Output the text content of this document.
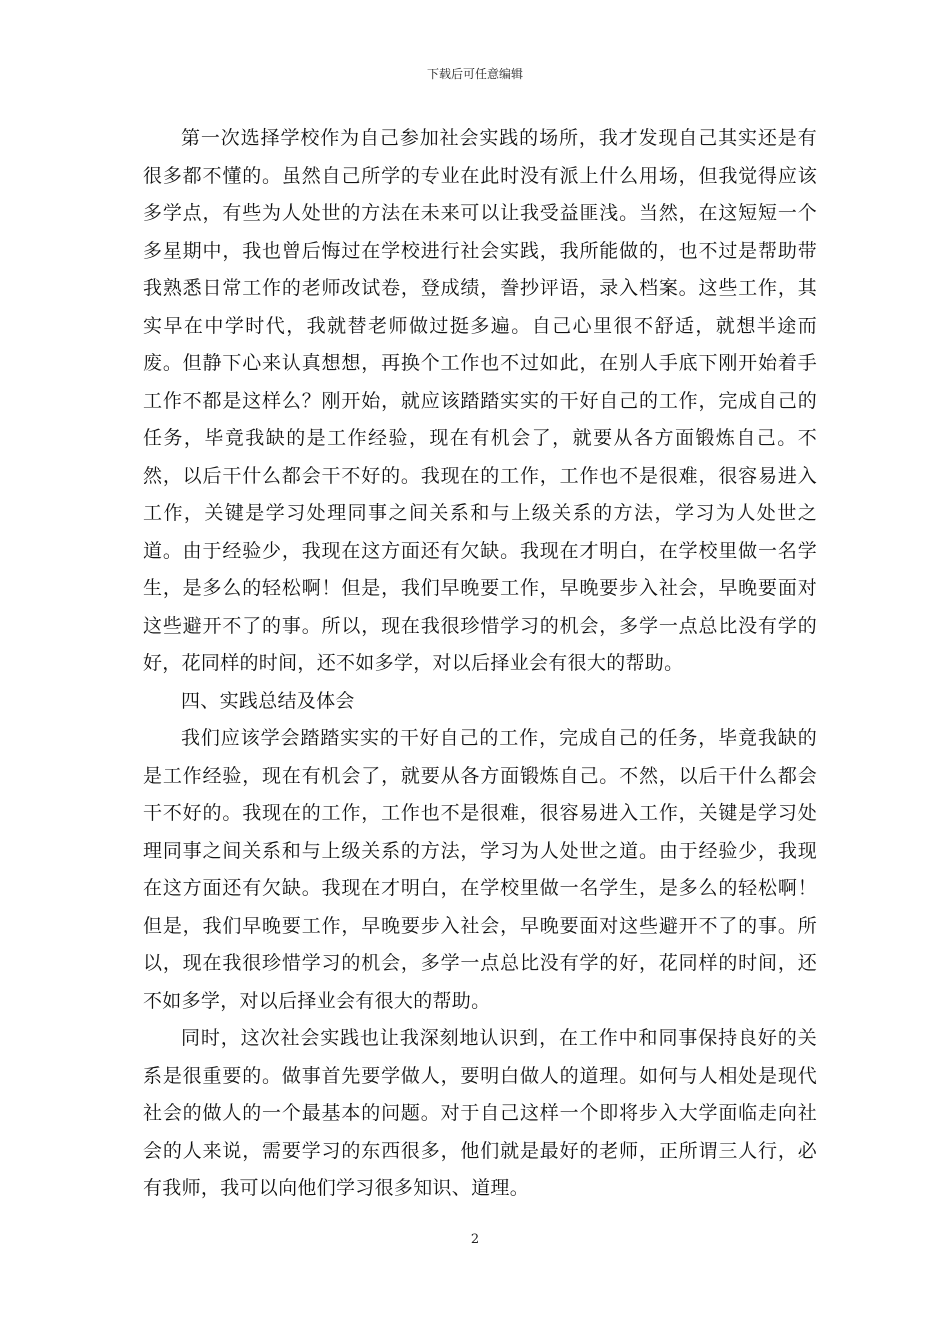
下载后可任意编辑

第一次选择学校作为自己参加社会实践的场所，我才发现自己其实还是有很多都不懂的。虽然自己所学的专业在此时没有派上什么用场，但我觉得应该多学点，有些为人处世的方法在未来可以让我受益匪浅。当然，在这短短一个多星期中，我也曾后悔过在学校进行社会实践，我所能做的，也不过是帮助带我熟悉日常工作的老师改试卷，登成绩，誊抄评语，录入档案。这些工作，其实早在中学时代，我就替老师做过挺多遍。自己心里很不舒适，就想半途而废。但静下心来认真想想，再换个工作也不过如此，在别人手底下刚开始着手工作不都是这样么？刚开始，就应该踏踏实实的干好自己的工作，完成自己的任务，毕竟我缺的是工作经验，现在有机会了，就要从各方面锻炼自己。不然，以后干什么都会干不好的。我现在的工作，工作也不是很难，很容易进入工作，关键是学习处理同事之间关系和与上级关系的方法，学习为人处世之道。由于经验少，我现在这方面还有欠缺。我现在才明白，在学校里做一名学生，是多么的轻松啊！但是，我们早晚要工作，早晚要步入社会，早晚要面对这些避开不了的事。所以，现在我很珍惜学习的机会，多学一点总比没有学的好，花同样的时间，还不如多学，对以后择业会有很大的帮助。

四、实践总结及体会

我们应该学会踏踏实实的干好自己的工作，完成自己的任务，毕竟我缺的是工作经验，现在有机会了，就要从各方面锻炼自己。不然，以后干什么都会干不好的。我现在的工作，工作也不是很难，很容易进入工作，关键是学习处理同事之间关系和与上级关系的方法，学习为人处世之道。由于经验少，我现在这方面还有欠缺。我现在才明白，在学校里做一名学生，是多么的轻松啊！但是，我们早晚要工作，早晚要步入社会，早晚要面对这些避开不了的事。所以，现在我很珍惜学习的机会，多学一点总比没有学的好，花同样的时间，还不如多学，对以后择业会有很大的帮助。

同时，这次社会实践也让我深刻地认识到，在工作中和同事保持良好的关系是很重要的。做事首先要学做人，要明白做人的道理。如何与人相处是现代社会的做人的一个最基本的问题。对于自己这样一个即将步入大学面临走向社会的人来说，需要学习的东西很多，他们就是最好的老师，正所谓三人行，必有我师，我可以向他们学习很多知识、道理。

2
